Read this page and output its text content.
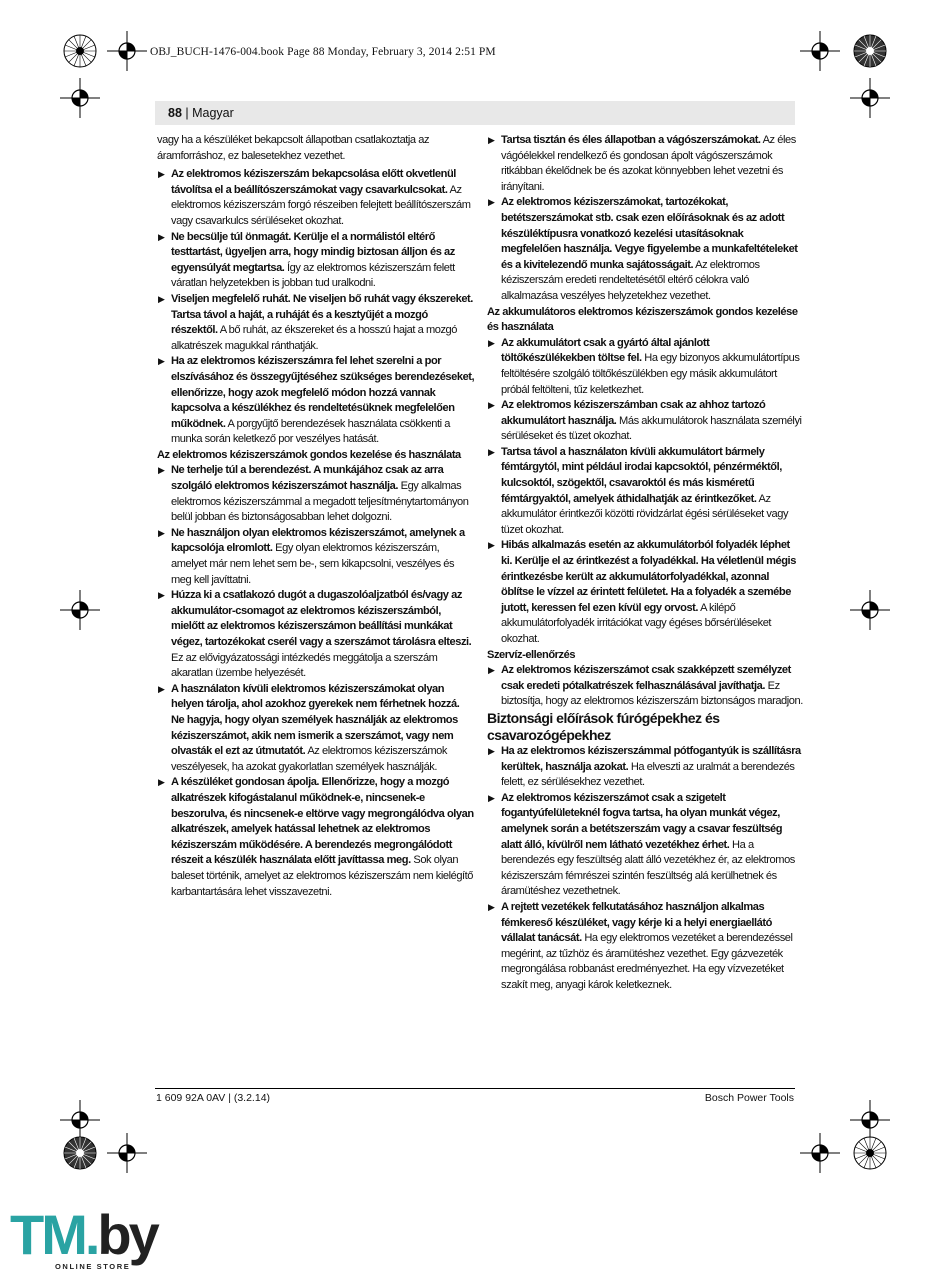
OBJ_BUCH-1476-004.book Page 88 Monday, February 3, 2014 2:51 PM
88 | Magyar

vagy ha a készüléket bekapcsolt állapotban csatlakoztatja az áramforráshoz, ez balesetekhez vezethet.

▶ Az elektromos kéziszerszám bekapcsolása előtt okvetlenül távolítsa el a beállítószerszámokat vagy csavarkulcsokat. Az elektromos kéziszerszám forgó részeiben felejtett beállítószerszám vagy csavarkulcs sérüléseket okozhat.

▶ Ne becsülje túl önmagát. Kerülje el a normálistól eltérő testtartást, ügyeljen arra, hogy mindig biztosan álljon és az egyensúlyát megtartsa. Így az elektromos kéziszerszám felett váratlan helyzetekben is jobban tud uralkodni.

▶ Viseljen megfelelő ruhát. Ne viseljen bő ruhát vagy ékszereket. Tartsa távol a haját, a ruháját és a kesztyűjét a mozgó részektől. A bő ruhát, az ékszereket és a hosszú hajat a mozgó alkatrészek magukkal ránthatják.

▶ Ha az elektromos kéziszerszámra fel lehet szerelni a por elszívásához és összegyűjtéséhez szükséges berendezéseket, ellenőrizze, hogy azok megfelelő módon hozzá vannak kapcsolva a készülékhez és rendeltetésüknek megfelelően működnek. A porgyűjtő berendezések használata csökkenti a munka során keletkező por veszélyes hatását.

Az elektromos kéziszerszámok gondos kezelése és használata

▶ Ne terhelje túl a berendezést. A munkájához csak az arra szolgáló elektromos kéziszerszámot használja. Egy alkalmas elektromos kéziszerszámmal a megadott teljesítménytartományon belül jobban és biztonságosabban lehet dolgozni.

▶ Ne használjon olyan elektromos kéziszerszámot, amelynek a kapcsolója elromlott. Egy olyan elektromos kéziszerszám, amelyet már nem lehet sem be-, sem kikapcsolni, veszélyes és meg kell javíttatni.

▶ Húzza ki a csatlakozó dugót a dugaszolóaljzatból és/vagy az akkumulátor-csomagot az elektromos kéziszerszámból, mielőtt az elektromos kéziszerszámon beállítási munkákat végez, tartozékokat cserél vagy a szerszámot tárolásra elteszi. Ez az elővigyázatossági intézkedés meggátolja a szerszám akaratlan üzembe helyezését.

▶ A használaton kívüli elektromos kéziszerszámokat olyan helyen tárolja, ahol azokhoz gyerekek nem férhetnek hozzá. Ne hagyja, hogy olyan személyek használják az elektromos kéziszerszámot, akik nem ismerik a szerszámot, vagy nem olvasták el ezt az útmutatót. Az elektromos kéziszerszámok veszélyesek, ha azokat gyakorlatlan személyek használják.

▶ A készüléket gondosan ápolja. Ellenőrizze, hogy a mozgó alkatrészek kifogástalanul működnek-e, nincsenek-e beszorulva, és nincsenek-e eltörve vagy megrongálódva olyan alkatrészek, amelyek hatással lehetnek az elektromos kéziszerszám működésére. A berendezés megrongálódott részeit a készülék használata előtt javíttassa meg. Sok olyan baleset történik, amelyet az elektromos kéziszerszám nem kielégítő karbantartására lehet visszavezetni.

▶ Tartsa tisztán és éles állapotban a vágószerszámokat. Az éles vágóélekkel rendelkező és gondosan ápolt vágószerszámok ritkábban ékelődnek be és azokat könnyebben lehet vezetni és irányítani.

▶ Az elektromos kéziszerszámokat, tartozékokat, betétszerszámokat stb. csak ezen előírásoknak és az adott készüléktípusra vonatkozó kezelési utasításoknak megfelelően használja. Vegye figyelembe a munkafeltételeket és a kivitelezendő munka sajátosságait. Az elektromos kéziszerszám eredeti rendeltetésétől eltérő célokra való alkalmazása veszélyes helyzetekhez vezethet.

Az akkumulátoros elektromos kéziszerszámok gondos kezelése és használata

▶ Az akkumulátort csak a gyártó által ajánlott töltőkészülékekben töltse fel. Ha egy bizonyos akkumulátortípus feltöltésére szolgáló töltőkészülékben egy másik akkumulátort próbál feltölteni, tűz keletkezhet.

▶ Az elektromos kéziszerszámban csak az ahhoz tartozó akkumulátort használja. Más akkumulátorok használata személyi sérüléseket és tüzet okozhat.

▶ Tartsa távol a használaton kívüli akkumulátort bármely fémtárgytól, mint például irodai kapcsoktól, pénzérméktől, kulcsoktól, szögektől, csavaroktól és más kisméretű fémtárgyaktól, amelyek áthidalhatják az érintkezőket. Az akkumulátor érintkezői közötti rövidzárlat égési sérüléseket vagy tüzet okozhat.

▶ Hibás alkalmazás esetén az akkumulátorból folyadék léphet ki. Kerülje el az érintkezést a folyadékkal. Ha véletlenül mégis érintkezésbe került az akkumulátorfolyadékkal, azonnal öblítse le vízzel az érintett felületet. Ha a folyadék a szemébe jutott, keressen fel ezen kívül egy orvost. A kilépő akkumulátorfolyadék irritációkat vagy égéses bőrsérüléseket okozhat.

Szervíz-ellenőrzés

▶ Az elektromos kéziszerszámot csak szakképzett személyzet csak eredeti pótalkatrészek felhasználásával javíthatja. Ez biztosítja, hogy az elektromos kéziszerszám biztonságos maradjon.

Biztonsági előírások fúrógépekhez és csavarozógépekhez

▶ Ha az elektromos kéziszerszámmal pótfogantyúk is szállításra kerültek, használja azokat. Ha elveszti az uralmát a berendezés felett, ez sérülésekhez vezethet.

▶ Az elektromos kéziszerszámot csak a szigetelt fogantyúfelületeknél fogva tartsa, ha olyan munkát végez, amelynek során a betétszerszám vagy a csavar feszültség alatt álló, kívülről nem látható vezetékhez érhet. Ha a berendezés egy feszültség alatt álló vezetékhez ér, az elektromos kéziszerszám fémrészei szintén feszültség alá kerülhetnek és áramütéshez vezethetnek.

▶ A rejtett vezetékek felkutatásához használjon alkalmas fémkereső készüléket, vagy kérje ki a helyi energiaellátó vállalat tanácsát. Ha egy elektromos vezetéket a berendezéssel megérint, az tűzhöz és áramütéshez vezethet. Egy gázvezeték megrongálása robbanást eredményezhet. Ha egy vízvezetéket szakít meg, anyagi károk keletkeznek.

1 609 92A 0AV | (3.2.14)	Bosch Power Tools
TM.by
ONLINE STORE
